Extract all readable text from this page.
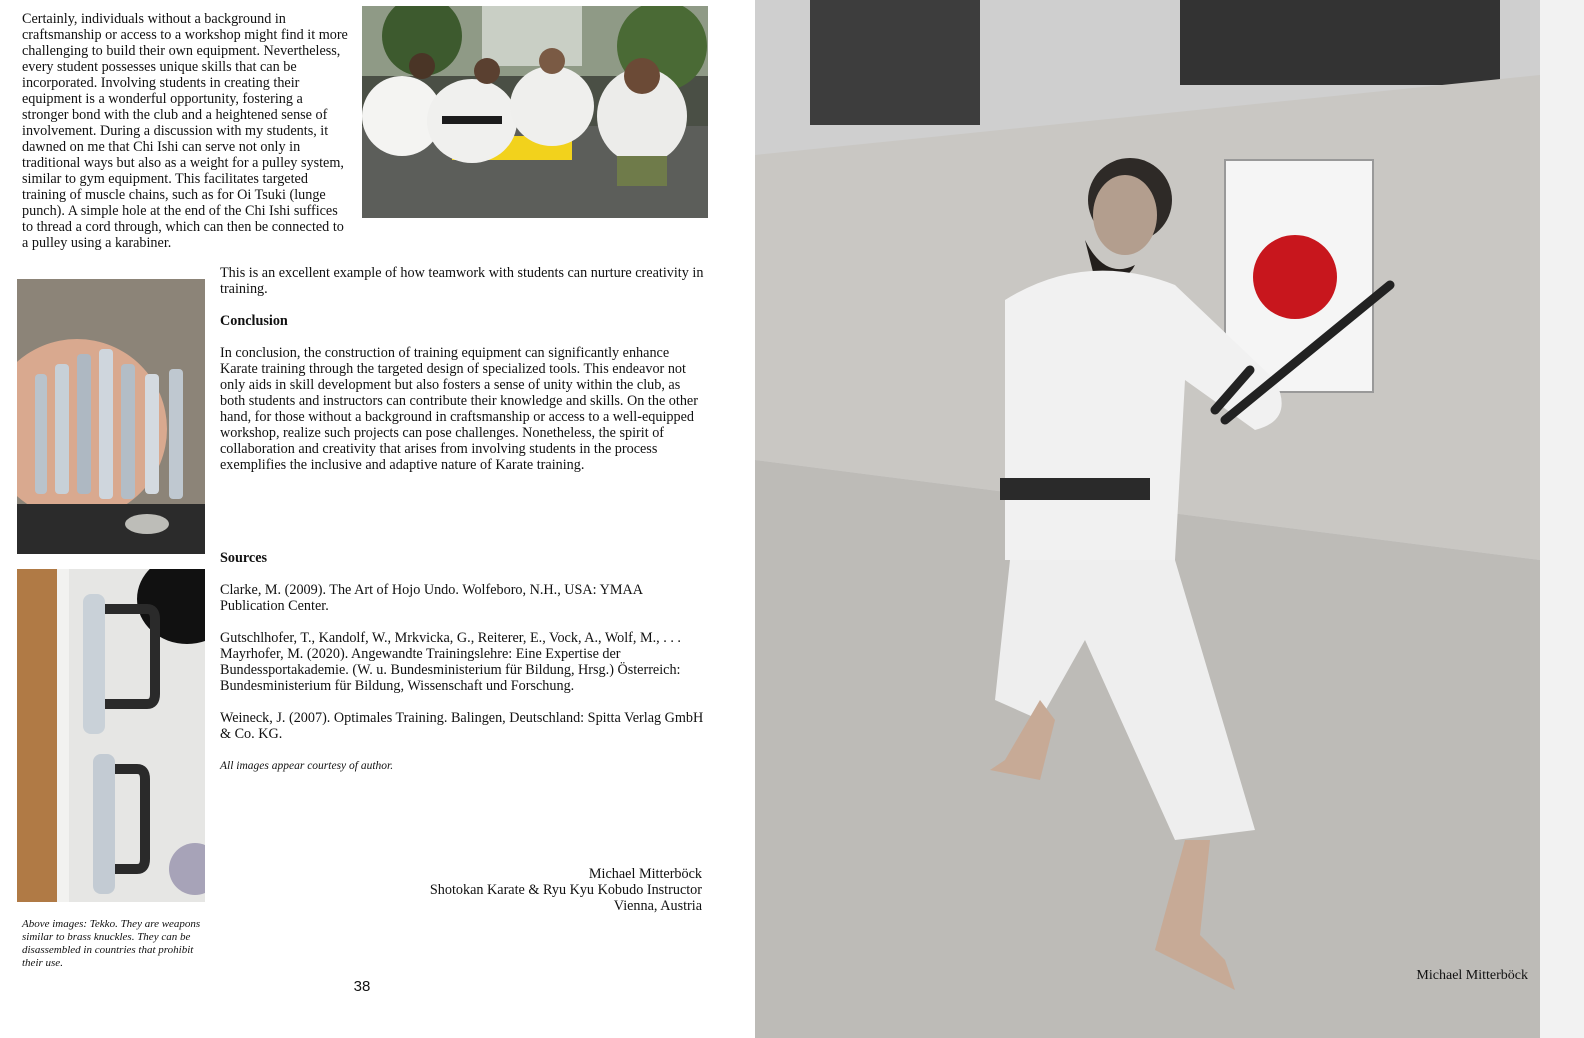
Certainly, individuals without a background in craftsmanship or access to a workshop might find it more challenging to build their own equipment. Nevertheless, every student possesses unique skills that can be incorporated. Involving students in creating their equipment is a wonderful opportunity, fostering a stronger bond with the club and a heightened sense of involvement. During a discussion with my students, it dawned on me that Chi Ishi can serve not only in traditional ways but also as a weight for a pulley system, similar to gym equipment. This facilitates targeted training of muscle chains, such as for Oi Tsuki (lunge punch). A simple hole at the end of the Chi Ishi suffices to thread a cord through, which can then be connected to a pulley using a karabiner.

This is an excellent example of how teamwork with students can nurture creativity in training.

Conclusion

In conclusion, the construction of training equipment can significantly enhance Karate training through the targeted design of specialized tools. This endeavor not only aids in skill development but also fosters a sense of unity within the club, as both students and instructors can contribute their knowledge and skills. On the other hand, for those without a background in craftsmanship or access to a well-equipped workshop, realize such projects can pose challenges. Nonetheless, the spirit of collaboration and creativity that arises from involving students in the process exemplifies the inclusive and adaptive nature of Karate training.

Sources

Clarke, M. (2009). The Art of Hojo Undo. Wolfeboro, N.H., USA: YMAA Publication Center.

Gutschlhofer, T., Kandolf, W., Mrkvicka, G., Reiterer, E., Vock, A., Wolf, M., . . . Mayrhofer, M. (2020). Angewandte Trainingslehre: Eine Expertise der Bundessportakademie. (W. u. Bundesministerium für Bildung, Hrsg.) Österreich: Bundesministerium für Bildung, Wissenschaft und Forschung.

Weineck, J. (2007). Optimales Training. Balingen, Deutschland: Spitta Verlag GmbH & Co. KG.

All images appear courtesy of author.

Michael Mitterböck

Shotokan Karate & Ryu Kyu Kobudo Instructor

Vienna, Austria

Above images: Tekko. They are weapons similar to brass knuckles. They can be disassembled in countries that prohibit their use.

38
Michael Mitterböck
